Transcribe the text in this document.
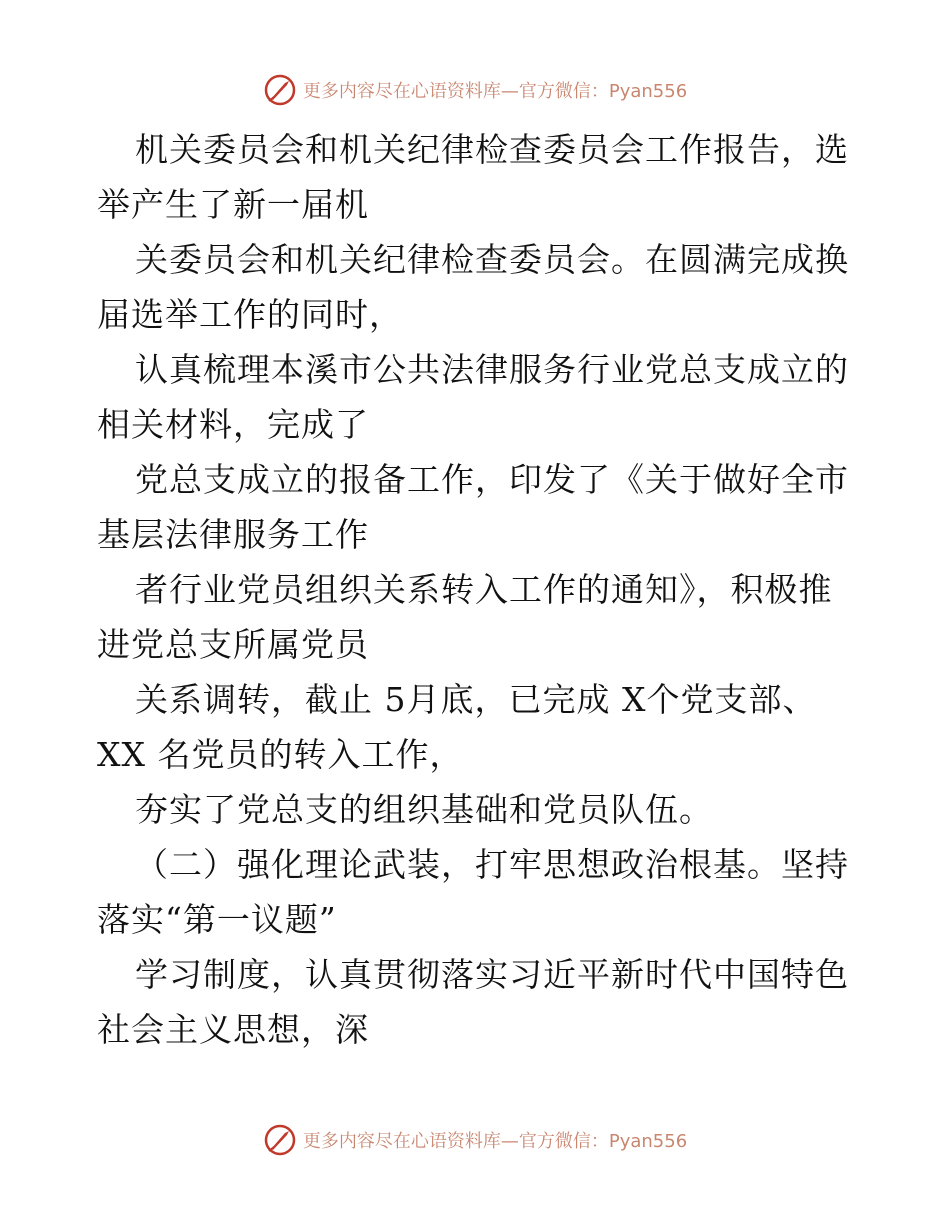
更多内容尽在心语资料库—官方微信：Pyan556

机关委员会和机关纪律检查委员会工作报告，选

举产生了新一届机

关委员会和机关纪律检查委员会。在圆满完成换

届选举工作的同时，

认真梳理本溪市公共法律服务行业党总支成立的

相关材料，完成了

党总支成立的报备工作，印发了《关于做好全市

基层法律服务工作

者行业党员组织关系转入工作的通知》，积极推

进党总支所属党员

关系调转，截止 5月底，已完成 X个党支部、

XX 名党员的转入工作，

夯实了党总支的组织基础和党员队伍。

（二）强化理论武装，打牢思想政治根基。坚持

落实“第一议题”

学习制度，认真贯彻落实习近平新时代中国特色

社会主义思想，深

更多内容尽在心语资料库—官方微信：Pyan556
